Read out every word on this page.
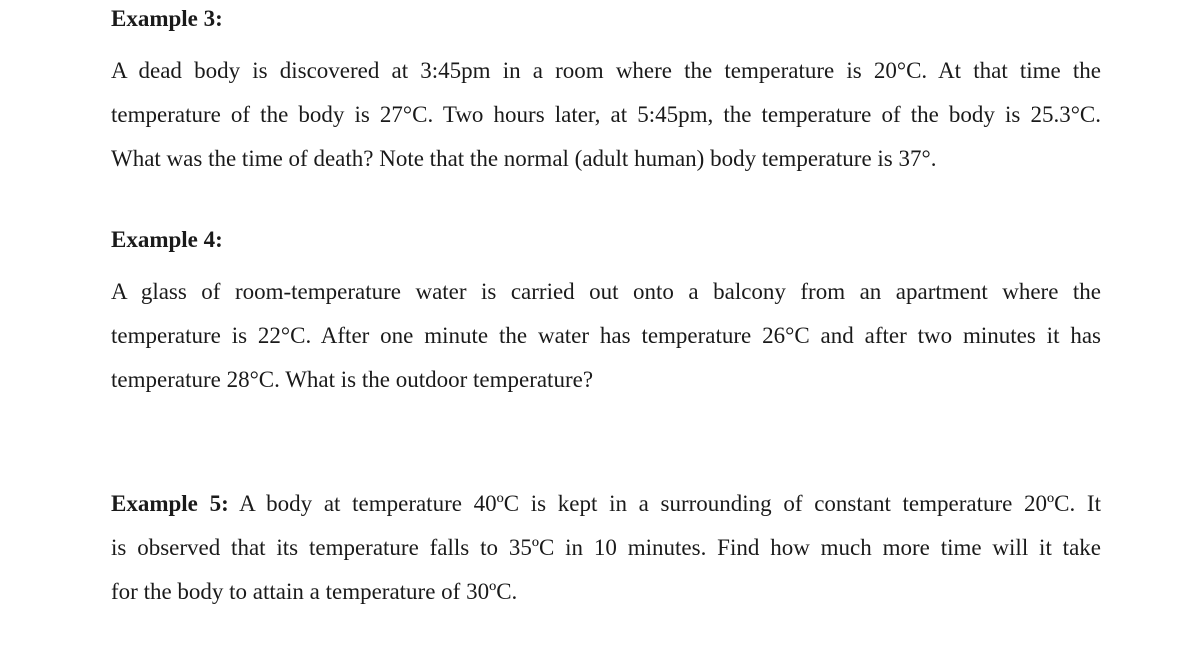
Example 3:

A dead body is discovered at 3:45pm in a room where the temperature is 20°C. At that time the
temperature of the body is 27°C. Two hours later, at 5:45pm, the temperature of the body is 25.3°C.
What was the time of death? Note that the normal (adult human) body temperature is 37°.

Example 4:

A glass of room-temperature water is carried out onto a balcony from an apartment where the
temperature is 22°C. After one minute the water has temperature 26°C and after two minutes it has
temperature 28°C. What is the outdoor temperature?

Example 5: A body at temperature 40ºC is kept in a surrounding of constant temperature 20ºC. It
is observed that its temperature falls to 35ºC in 10 minutes. Find how much more time will it take
for the body to attain a temperature of 30ºC.
